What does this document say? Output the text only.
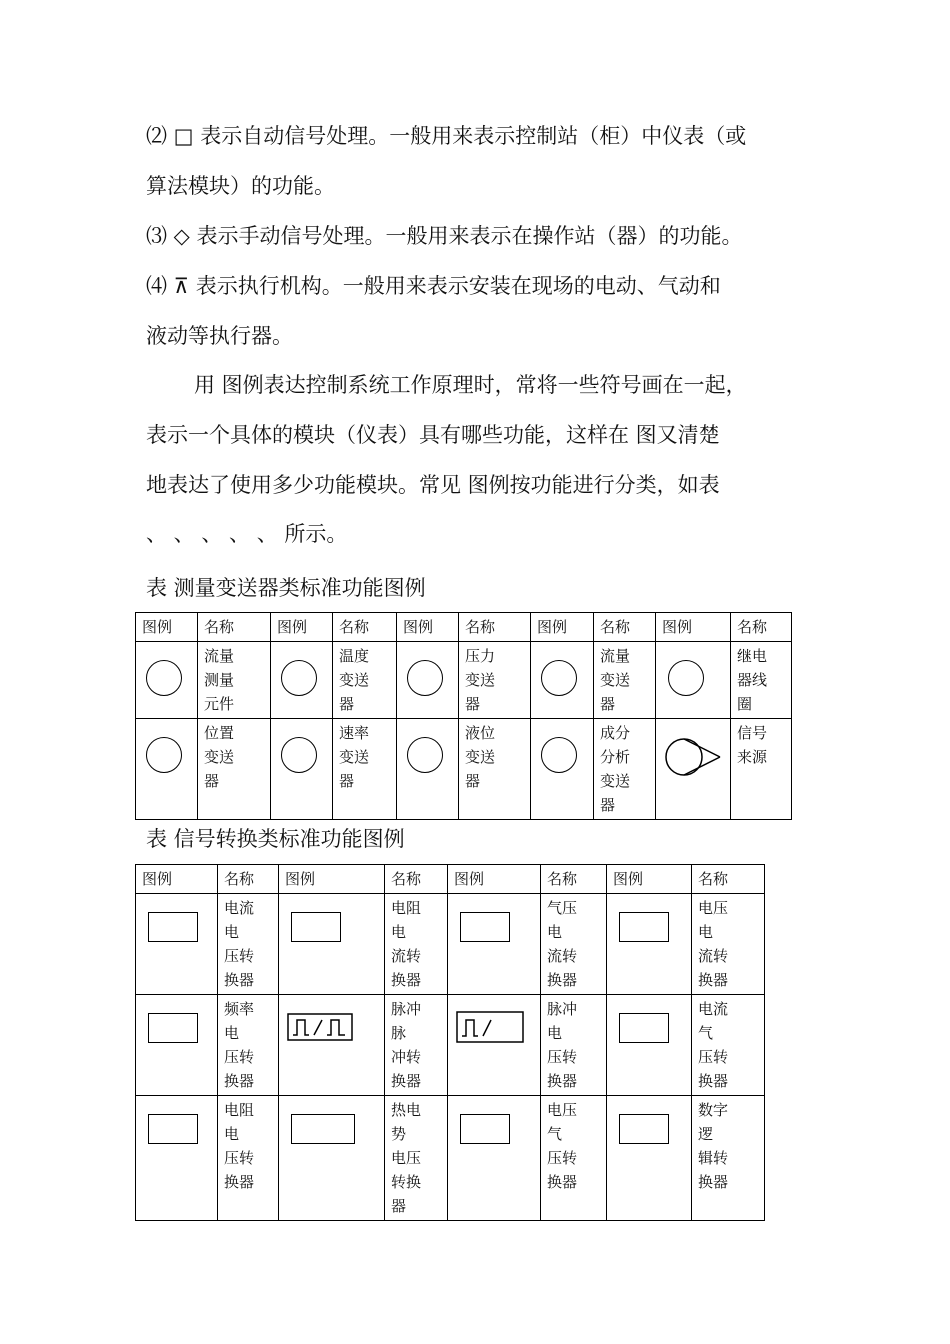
⑵ □ 表示自动信号处理。一般用来表示控制站（柜）中仪表（或
算法模块）的功能。
⑶ ◇ 表示手动信号处理。一般用来表示在操作站（器）的功能。
⑷ ⊼ 表示执行机构。一般用来表示安装在现场的电动、气动和
液动等执行器。
用 图例表达控制系统工作原理时，常将一些符号画在一起，
表示一个具体的模块（仪表）具有哪些功能，这样在 图又清楚
地表达了使用多少功能模块。常见 图例按功能进行分类，如表
、 、 、 、 、 所示。
表 测量变送器类标准功能图例
图例	名称	图例	名称	图例	名称	图例	名称	图例	名称

	流量
测量
元件		温度
变送
器		压力
变送
器		流量
变送
器		继电
器线
圈

	位置
变送
器		速率
变送
器		液位
变送
器		成分
分析
变送
器		信号
来源
表 信号转换类标准功能图例
图例	名称	图例	名称	图例	名称	图例	名称

	电流
电
压转
换器		电阻
电
流转
换器		气压
电
流转
换器		电压
电
流转
换器

	频率
电
压转
换器		脉冲
脉
冲转
换器		脉冲
电
压转
换器		电流
气
压转
换器

	电阻
电
压转
换器		热电
势
电压
转换
器		电压
气
压转
换器		数字
逻
辑转
换器
